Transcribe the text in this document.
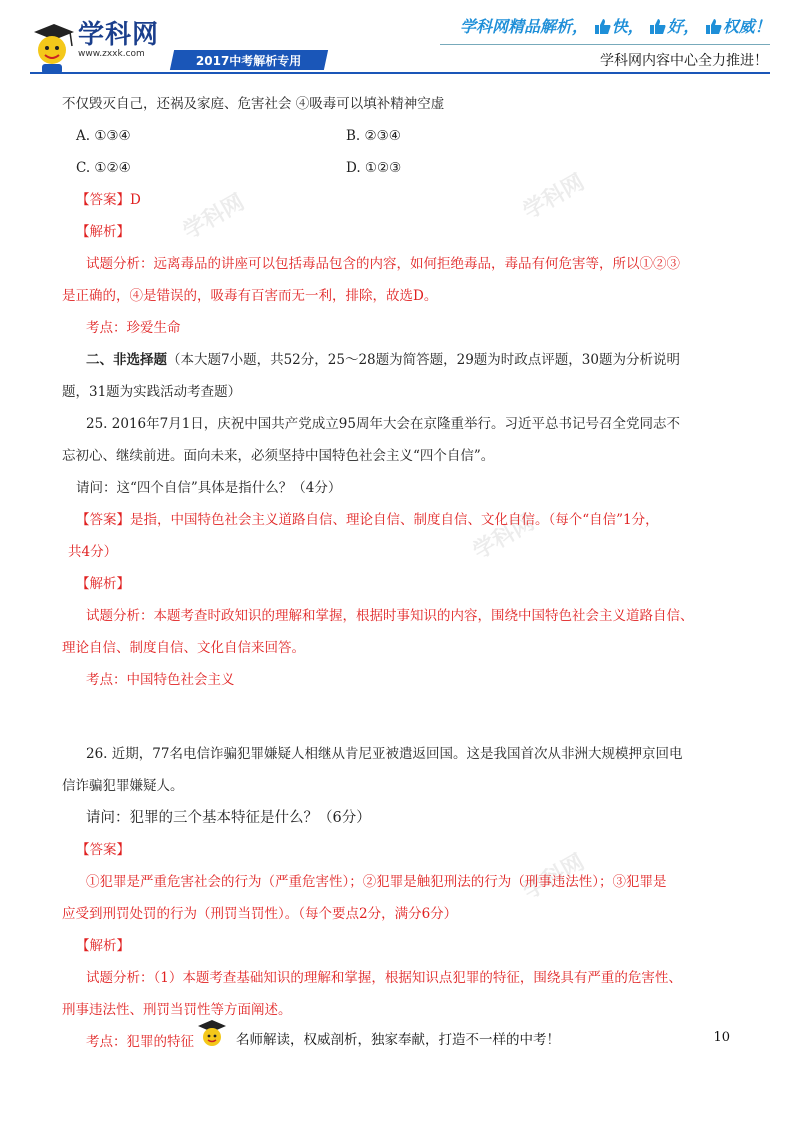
学科网	学科网
学科网
学科网
学科网
www.zxxk.com	2017中考解析专用
学科网精品解析， 快， 好， 权威！
学科网内容中心全力推进！
不仅毁灭自己，还祸及家庭、危害社会 ④吸毒可以填补精神空虚
A. ①③④	B. ②③④
C. ①②④	D. ①②③
【答案】D
【解析】
试题分析：远离毒品的讲座可以包括毒品包含的内容，如何拒绝毒品，毒品有何危害等，所以①②③
是正确的，④是错误的，吸毒有百害而无一利，排除，故选D。
考点：珍爱生命
二、非选择题（本大题7小题，共52分，25～28题为简答题，29题为时政点评题，30题为分析说明
题，31题为实践活动考查题）
25. 2016年7月1日，庆祝中国共产党成立95周年大会在京隆重举行。习近平总书记号召全党同志不
忘初心、继续前进。面向未来，必须坚持中国特色社会主义“四个自信”。
请问：这“四个自信”具体是指什么？（4分）
【答案】是指，中国特色社会主义道路自信、理论自信、制度自信、文化自信。（每个“自信”1分，
共4分）
【解析】
试题分析：本题考查时政知识的理解和掌握，根据时事知识的内容，围绕中国特色社会主义道路自信、
理论自信、制度自信、文化自信来回答。
考点：中国特色社会主义
26. 近期，77名电信诈骗犯罪嫌疑人相继从肯尼亚被遣返回国。这是我国首次从非洲大规模押京回电
信诈骗犯罪嫌疑人。
请问：犯罪的三个基本特征是什么？（6分）
【答案】
①犯罪是严重危害社会的行为（严重危害性）；②犯罪是触犯刑法的行为（刑事违法性）；③犯罪是
应受到刑罚处罚的行为（刑罚当罚性）。（每个要点2分，满分6分）
【解析】
试题分析：（1）本题考查基础知识的理解和掌握，根据知识点犯罪的特征，围绕具有严重的危害性、
刑事违法性、刑罚当罚性等方面阐述。
考点：犯罪的特征	名师解读，权威剖析，独家奉献，打造不一样的中考！	10
